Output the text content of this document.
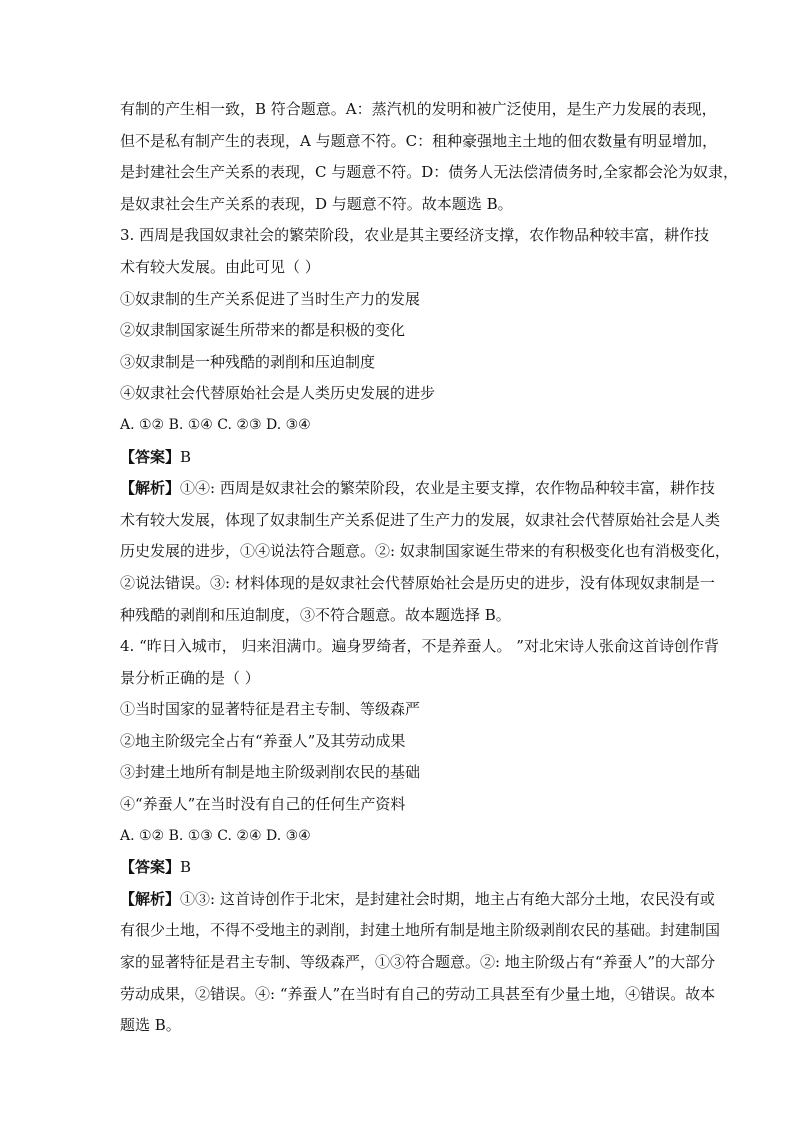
有制的产生相一致，B 符合题意。A：蒸汽机的发明和被广泛使用，是生产力发展的表现，
但不是私有制产生的表现，A 与题意不符。C：租种豪强地主土地的佃农数量有明显增加，
是封建社会生产关系的表现，C 与题意不符。D：债务人无法偿清债务时,全家都会沦为奴隶，
是奴隶社会生产关系的表现，D 与题意不符。故本题选 B。
3. 西周是我国奴隶社会的繁荣阶段，农业是其主要经济支撑，农作物品种较丰富，耕作技
术有较大发展。由此可见（ ）
①奴隶制的生产关系促进了当时生产力的发展
②奴隶制国家诞生所带来的都是积极的变化
③奴隶制是一种残酷的剥削和压迫制度
④奴隶社会代替原始社会是人类历史发展的进步
A. ①② B. ①④ C. ②③ D. ③④
【答案】B
【解析】①④: 西周是奴隶社会的繁荣阶段，农业是主要支撑，农作物品种较丰富，耕作技
术有较大发展，体现了奴隶制生产关系促进了生产力的发展，奴隶社会代替原始社会是人类
历史发展的进步，①④说法符合题意。②: 奴隶制国家诞生带来的有积极变化也有消极变化，
②说法错误。③: 材料体现的是奴隶社会代替原始社会是历史的进步，没有体现奴隶制是一
种残酷的剥削和压迫制度，③不符合题意。故本题选择 B。
4. “昨日入城市， 归来泪满巾。遍身罗绮者，不是养蚕人。 ”对北宋诗人张俞这首诗创作背
景分析正确的是（ ）
①当时国家的显著特征是君主专制、等级森严
②地主阶级完全占有“养蚕人”及其劳动成果
③封建土地所有制是地主阶级剥削农民的基础
④“养蚕人”在当时没有自己的任何生产资料
A. ①② B. ①③ C. ②④ D. ③④
【答案】B
【解析】①③: 这首诗创作于北宋，是封建社会时期，地主占有绝大部分土地，农民没有或
有很少土地，不得不受地主的剥削，封建土地所有制是地主阶级剥削农民的基础。封建制国
家的显著特征是君主专制、等级森严，①③符合题意。②: 地主阶级占有“养蚕人”的大部分
劳动成果，②错误。④: “养蚕人”在当时有自己的劳动工具甚至有少量土地，④错误。故本
题选 B。
